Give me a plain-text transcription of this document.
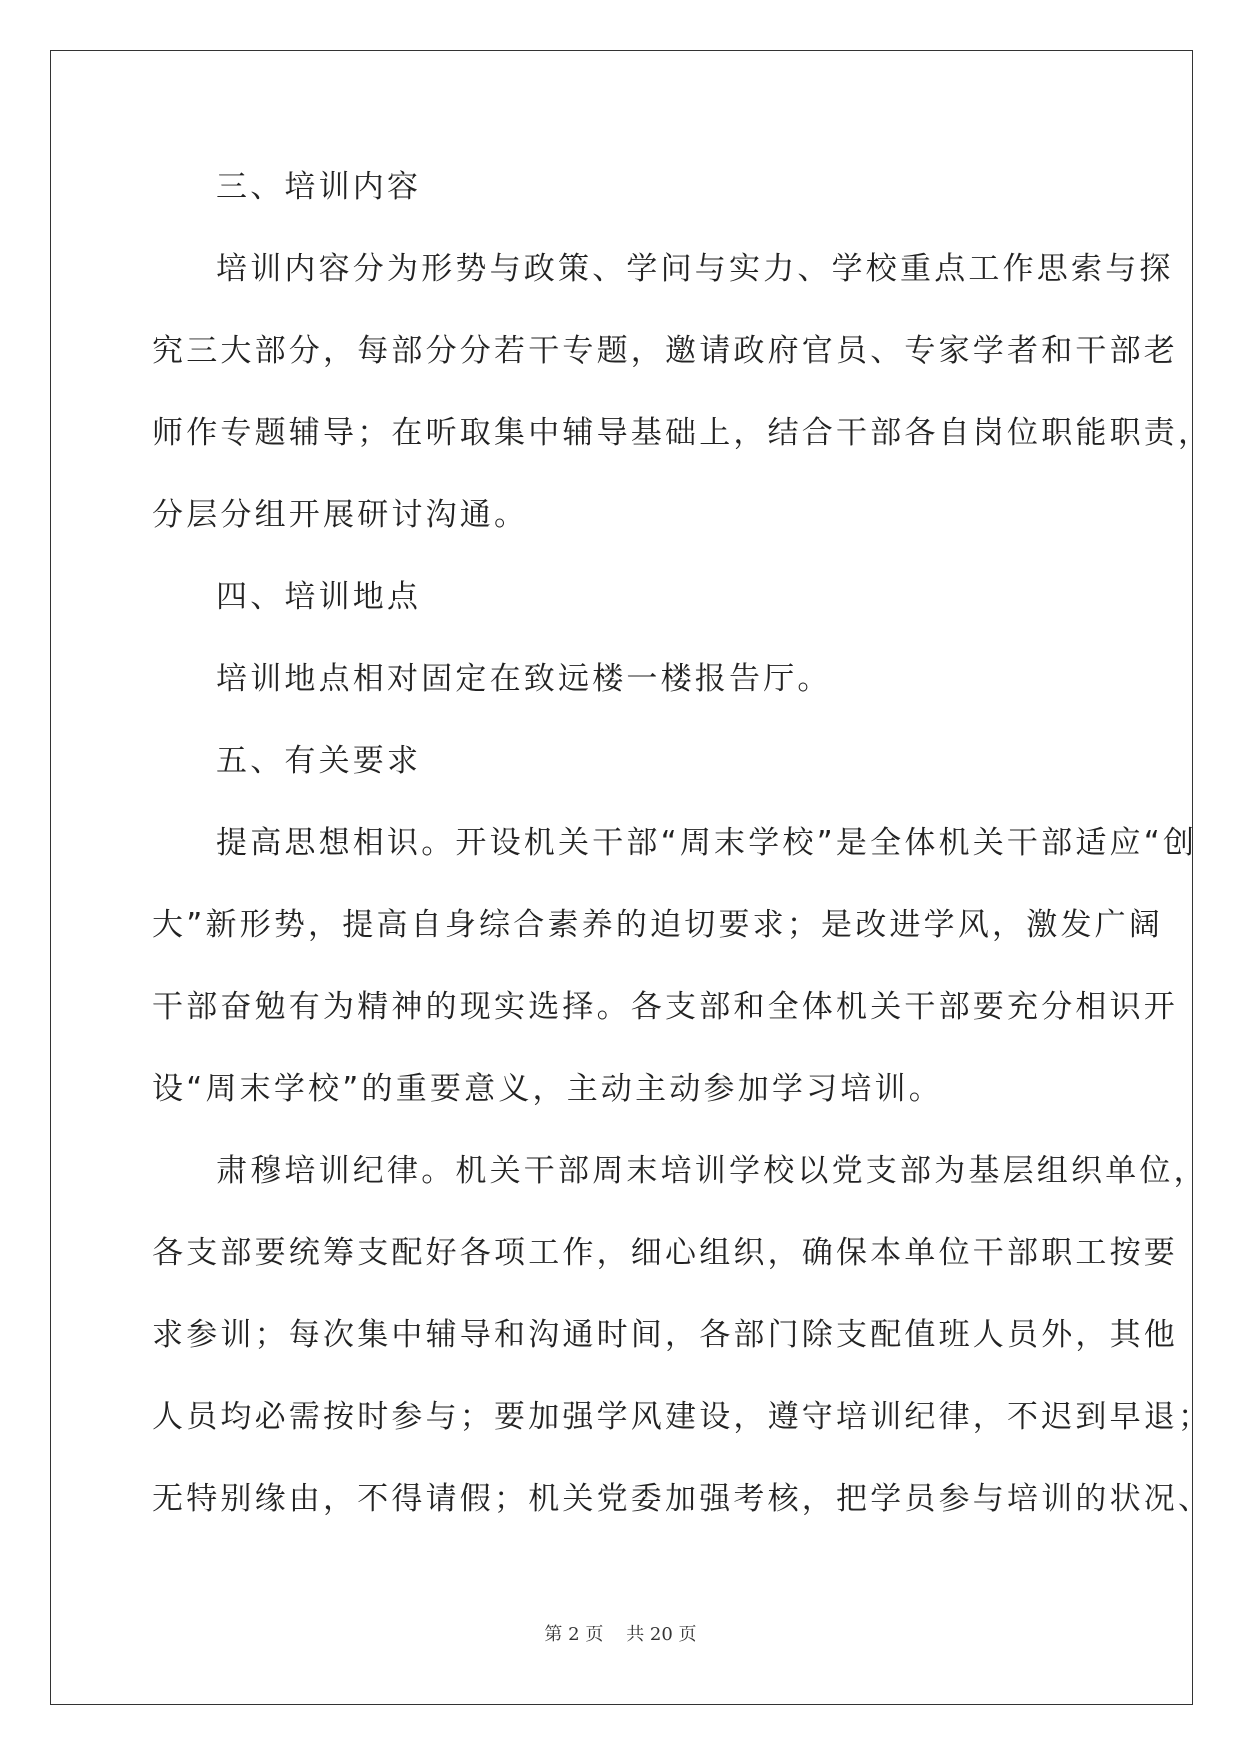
三、培训内容
培训内容分为形势与政策、学问与实力、学校重点工作思索与探
究三大部分，每部分分若干专题，邀请政府官员、专家学者和干部老
师作专题辅导；在听取集中辅导基础上，结合干部各自岗位职能职责，
分层分组开展研讨沟通。
四、培训地点
培训地点相对固定在致远楼一楼报告厅。
五、有关要求
提高思想相识。开设机关干部“周末学校”是全体机关干部适应“创
大”新形势，提高自身综合素养的迫切要求；是改进学风，激发广阔
干部奋勉有为精神的现实选择。各支部和全体机关干部要充分相识开
设“周末学校”的重要意义，主动主动参加学习培训。
肃穆培训纪律。机关干部周末培训学校以党支部为基层组织单位，
各支部要统筹支配好各项工作，细心组织，确保本单位干部职工按要
求参训；每次集中辅导和沟通时间，各部门除支配值班人员外，其他
人员均必需按时参与；要加强学风建设，遵守培训纪律，不迟到早退；
无特别缘由，不得请假；机关党委加强考核，把学员参与培训的状况、
第 2 页    共 20 页
